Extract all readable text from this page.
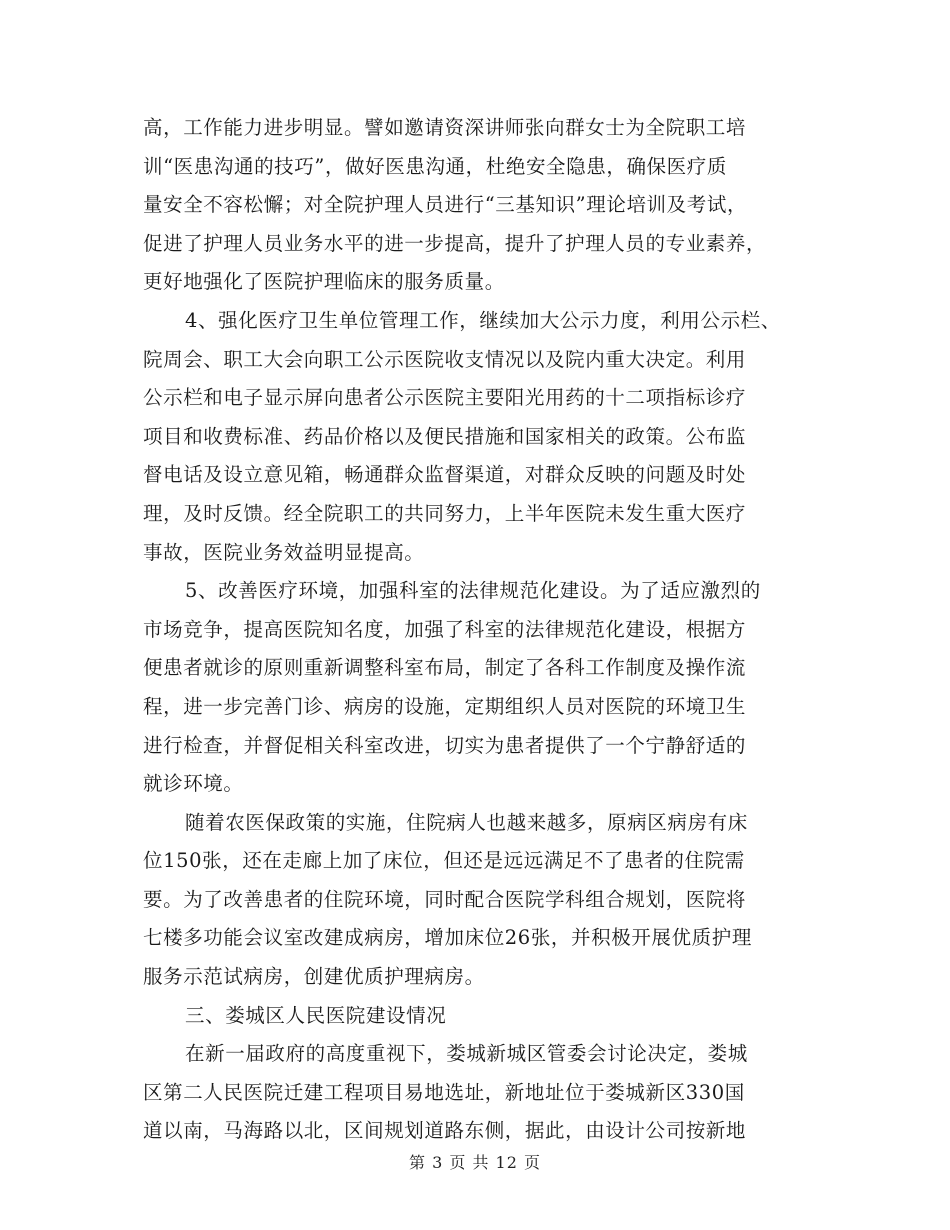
高，工作能力进步明显。譬如邀请资深讲师张向群女士为全院职工培
训“医患沟通的技巧”，做好医患沟通，杜绝安全隐患，确保医疗质
量安全不容松懈；对全院护理人员进行“三基知识”理论培训及考试，
促进了护理人员业务水平的进一步提高，提升了护理人员的专业素养，
更好地强化了医院护理临床的服务质量。
4、强化医疗卫生单位管理工作，继续加大公示力度，利用公示栏、
院周会、职工大会向职工公示医院收支情况以及院内重大决定。利用
公示栏和电子显示屏向患者公示医院主要阳光用药的十二项指标诊疗
项目和收费标准、药品价格以及便民措施和国家相关的政策。公布监
督电话及设立意见箱，畅通群众监督渠道，对群众反映的问题及时处
理，及时反馈。经全院职工的共同努力，上半年医院未发生重大医疗
事故，医院业务效益明显提高。
5、改善医疗环境，加强科室的法律规范化建设。为了适应激烈的
市场竞争，提高医院知名度，加强了科室的法律规范化建设，根据方
便患者就诊的原则重新调整科室布局，制定了各科工作制度及操作流
程，进一步完善门诊、病房的设施，定期组织人员对医院的环境卫生
进行检查，并督促相关科室改进，切实为患者提供了一个宁静舒适的
就诊环境。
随着农医保政策的实施，住院病人也越来越多，原病区病房有床
位150张，还在走廊上加了床位，但还是远远满足不了患者的住院需
要。为了改善患者的住院环境，同时配合医院学科组合规划，医院将
七楼多功能会议室改建成病房，增加床位26张，并积极开展优质护理
服务示范试病房，创建优质护理病房。
三、娄城区人民医院建设情况
在新一届政府的高度重视下，娄城新城区管委会讨论决定，娄城
区第二人民医院迁建工程项目易地选址，新地址位于娄城新区330国
道以南，马海路以北，区间规划道路东侧，据此，由设计公司按新地
第 3 页 共 12 页
